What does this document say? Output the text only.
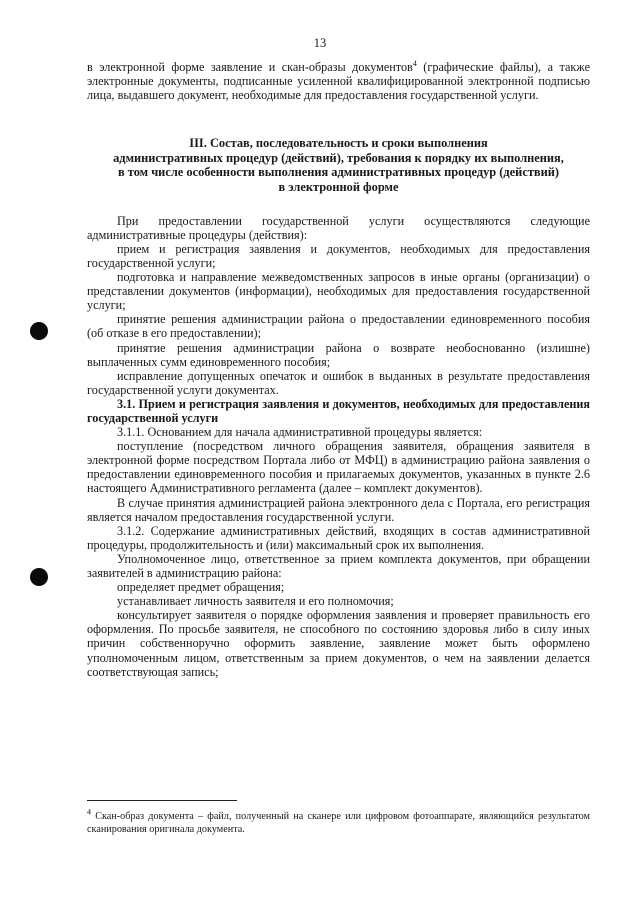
13

в электронной форме заявление и скан-образы документов$^4$ (графические файлы), а также электронные документы, подписанные усиленной квалифицированной электронной подписью лица, выдавшего документ, необходимые для предоставления государственной услуги.

III. Состав, последовательность и сроки выполнения
административных процедур (действий), требования к порядку их выполнения,
в том числе особенности выполнения административных процедур (действий)
в электронной форме

При предоставлении государственной услуги осуществляются следующие административные процедуры (действия):

прием и регистрация заявления и документов, необходимых для предоставления государственной услуги;

подготовка и направление межведомственных запросов в иные органы (организации) о представлении документов (информации), необходимых для предоставления государственной услуги;

принятие решения администрации района о предоставлении единовременного пособия (об отказе в его предоставлении);

принятие решения администрации района о возврате необоснованно (излишне) выплаченных сумм единовременного пособия;

исправление допущенных опечаток и ошибок в выданных в результате предоставления государственной услуги документах.

3.1. Прием и регистрация заявления и документов, необходимых для предоставления государственной услуги

3.1.1. Основанием для начала административной процедуры является:

поступление (посредством личного обращения заявителя, обращения заявителя в электронной форме посредством Портала либо от МФЦ) в администрацию района заявления о предоставлении единовременного пособия и прилагаемых документов, указанных в пункте 2.6 настоящего Административного регламента (далее – комплект документов).

В случае принятия администрацией района электронного дела с Портала, его регистрация является началом предоставления государственной услуги.

3.1.2. Содержание административных действий, входящих в состав административной процедуры, продолжительность и (или) максимальный срок их выполнения.

Уполномоченное лицо, ответственное за прием комплекта документов, при обращении заявителей в администрацию района:

определяет предмет обращения;

устанавливает личность заявителя и его полномочия;

консультирует заявителя о порядке оформления заявления и проверяет правильность его оформления. По просьбе заявителя, не способного по состоянию здоровья либо в силу иных причин собственноручно оформить заявление, заявление может быть оформлено уполномоченным лицом, ответственным за прием документов, о чем на заявлении делается соответствующая запись;

$^4$ Скан-образ документа – файл, полученный на сканере или цифровом фотоаппарате, являющийся результатом сканирования оригинала документа.
